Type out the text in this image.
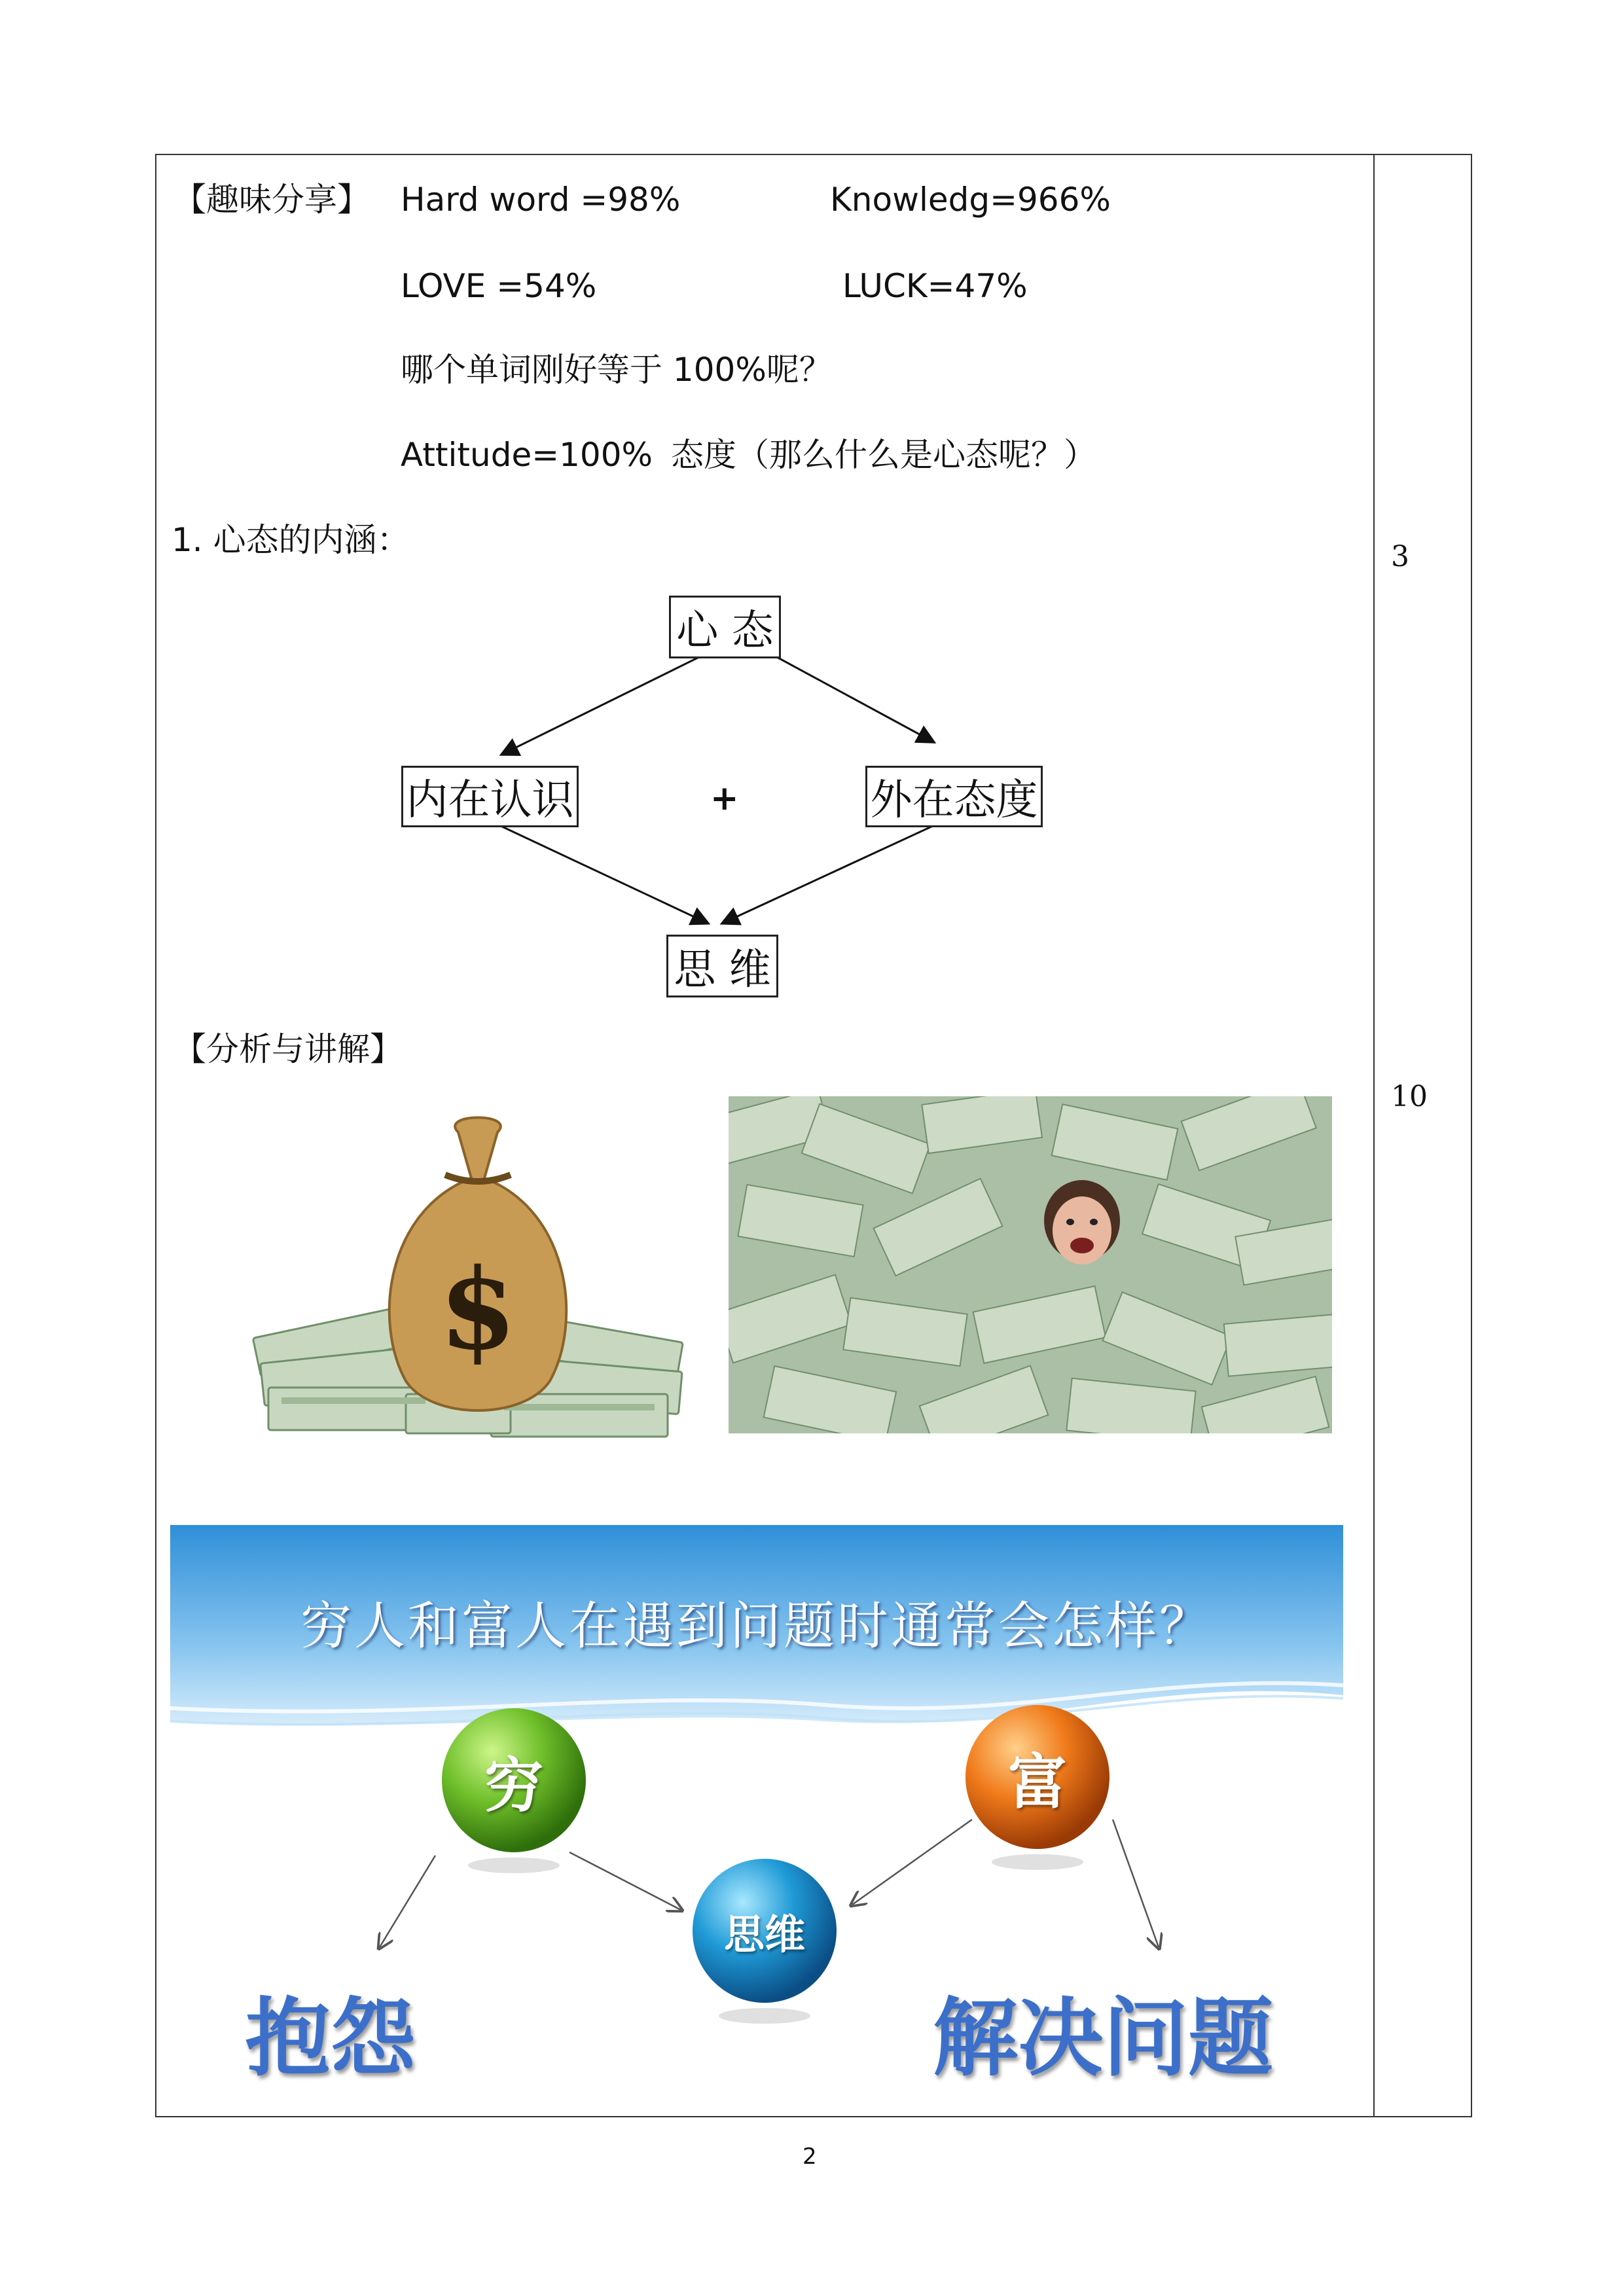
【趣味分享】 Hard word =98%	Knowledg=966%
LOVE =54%	LUCK=47%
哪个单词刚好等于 100%呢？
Attitude=100% 态度（那么什么是心态呢？）
1. 心态的内涵：
心 态
内在认识	+	外在态度
思 维
【分析与讲解】
$
穷人和富人在遇到问题时通常会怎样？
穷	富
思维
抱怨	解决问题
3
10
2
